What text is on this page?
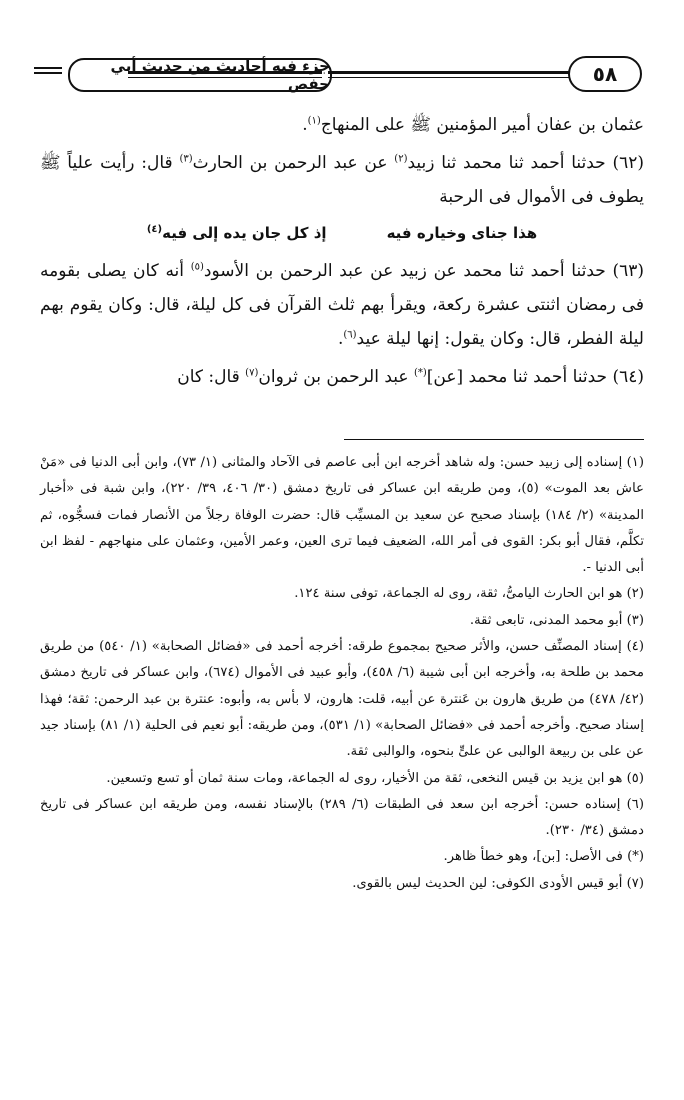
جزء فيه أحاديث من حديث أبي حفص	٥٨

عثمان بن عفان أمير المؤمنين ﷺ على المنهاج$^{(١)}$.

(٦٢) حدثنا أحمد ثنا محمد ثنا زبيد$^{(٢)}$ عن عبد الرحمن بن الحارث$^{(٣)}$ قال: رأيت علياً ﷺ يطوف فى الأموال فى الرحبة

هذا جناى وخياره فيه
إذ كل جان يده إلى فيه$^{(٤)}$

(٦٣) حدثنا أحمد ثنا محمد عن زبيد عن عبد الرحمن بن الأسود$^{(٥)}$ أنه كان يصلى بقومه فى رمضان اثنتى عشرة ركعة، ويقرأ بهم ثلث القرآن فى كل ليلة، قال: وكان يقوم بهم ليلة الفطر، قال: وكان يقول: إنها ليلة عيد$^{(٦)}$.

(٦٤) حدثنا أحمد ثنا محمد [عن](*) عبد الرحمن بن ثروان$^{(٧)}$ قال: كان

(١) إسناده إلى زبيد حسن: وله شاهد أخرجه ابن أبى عاصم فى الآحاد والمثانى (١/ ٧٣)، وابن أبى الدنيا فى «مَنْ عاش بعد الموت» (٥)، ومن طريقه ابن عساكر فى تاريخ دمشق (٣٠/ ٤٠٦، ٣٩/ ٢٢٠)، وابن شبة فى «أخبار المدينة» (٢/ ١٨٤) بإسناد صحيح عن سعيد بن المسيِّب قال: حضرت الوفاة رجلاً من الأنصار فمات فسجُّوه، ثم تكلَّم، فقال أبو بكر: القوى فى أمر الله، الضعيف فيما ترى العين، وعمر الأمين، وعثمان على منهاجهم - لفظ ابن أبى الدنيا -.

(٢) هو ابن الحارث اليامىُّ، ثقة، روى له الجماعة، توفى سنة ١٢٤.

(٣) أبو محمد المدنى، تابعى ثقة.

(٤) إسناد المصنِّف حسن، والأثر صحيح بمجموع طرقه: أخرجه أحمد فى «فضائل الصحابة» (١/ ٥٤٠) من طريق محمد بن طلحة به، وأخرجه ابن أبى شيبة (٦/ ٤٥٨)، وأبو عبيد فى الأموال (٦٧٤)، وابن عساكر فى تاريخ دمشق (٤٢/ ٤٧٨) من طريق هارون بن عَنترة عن أبيه، قلت: هارون، لا بأس به، وأبوه: عنترة بن عبد الرحمن: ثقة؛ فهذا إسناد صحيح. وأخرجه أحمد فى «فضائل الصحابة» (١/ ٥٣١)، ومن طريقه: أبو نعيم فى الحلية (١/ ٨١) بإسناد جيد عن على بن ربيعة الوالبى عن علىٍّ بنحوه، والوالبى ثقة.

(٥) هو ابن يزيد بن قيس النخعى، ثقة من الأخيار، روى له الجماعة، ومات سنة ثمان أو تسع وتسعين.

(٦) إسناده حسن: أخرجه ابن سعد فى الطبقات (٦/ ٢٨٩) بالإسناد نفسه، ومن طريقه ابن عساكر فى تاريخ دمشق (٣٤/ ٢٣٠).

(*) فى الأصل: [بن]، وهو خطأ ظاهر.

(٧) أبو قيس الأودى الكوفى: لين الحديث ليس بالقوى.
